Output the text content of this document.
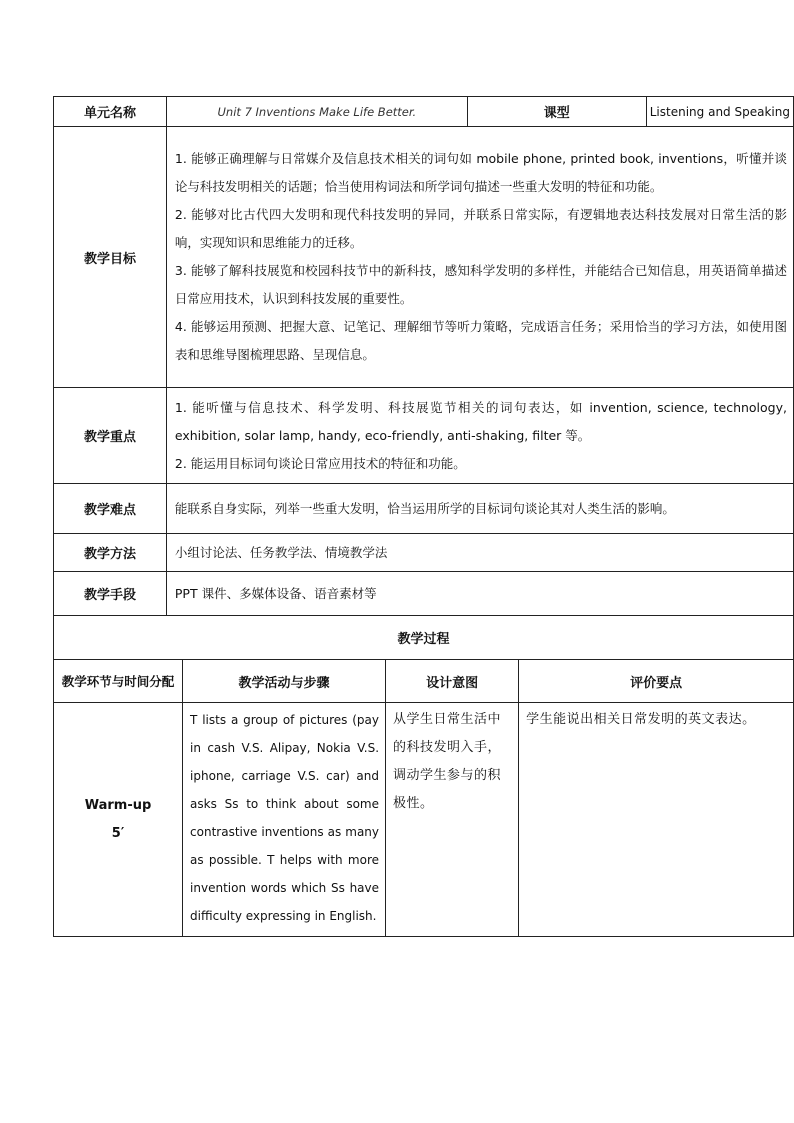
单元名称	Unit 7 Inventions Make Life Better.			课型		Listening and Speaking
教学目标	1. 能够正确理解与日常媒介及信息技术相关的词句如 mobile phone, printed book, inventions，听懂并谈论与科技发明相关的话题；恰当使用构词法和所学词句描述一些重大发明的特征和功能。

2. 能够对比古代四大发明和现代科技发明的异同，并联系日常实际，有逻辑地表达科技发展对日常生活的影响，实现知识和思维能力的迁移。

3. 能够了解科技展览和校园科技节中的新科技，感知科学发明的多样性，并能结合已知信息，用英语简单描述日常应用技术，认识到科技发展的重要性。

4. 能够运用预测、把握大意、记笔记、理解细节等听力策略，完成语言任务；采用恰当的学习方法，如使用图表和思维导图梳理思路、呈现信息。					

教学重点	1. 能听懂与信息技术、科学发明、科技展览节相关的词句表达，如 invention, science, technology, exhibition, solar lamp, handy, eco-friendly, anti-shaking, filter 等。

2. 能运用目标词句谈论日常应用技术的特征和功能。					

教学难点	能联系自身实际，列举一些重大发明，恰当运用所学的目标词句谈论其对人类生活的影响。					
教学方法	小组讨论法、任务教学法、情境教学法					
教学手段	PPT 课件、多媒体设备、语音素材等					
教学过程						
教学环节与时间分配		教学活动与步骤	设计意图		评价要点	

Warm-up
5′		T lists a group of pictures (pay in cash V.S. Alipay, Nokia V.S. iphone, carriage V.S. car) and asks Ss to think about some contrastive inventions as many as possible. T helps with more invention words which Ss have difficulty expressing in English.	从学生日常生活中的科技发明入手，调动学生参与的积极性。		学生能说出相关日常发明的英文表达。	
